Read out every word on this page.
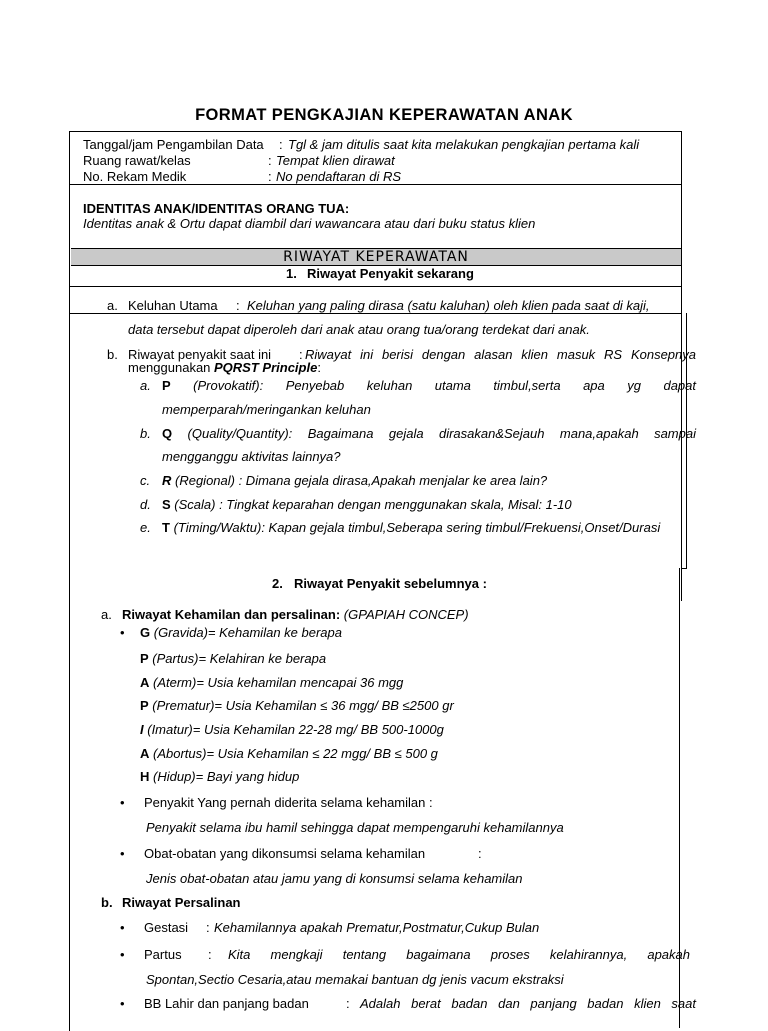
FORMAT PENGKAJIAN KEPERAWATAN ANAK
Tanggal/jam Pengambilan Data : Tgl & jam ditulis saat kita melakukan pengkajian pertama kali
Ruang rawat/kelas	: Tempat klien dirawat
No. Rekam Medik	: No pendaftaran di RS
IDENTITAS ANAK/IDENTITAS ORANG TUA:
Identitas anak & Ortu dapat diambil dari wawancara atau dari buku status klien
RIWAYAT KEPERAWATAN
1. Riwayat Penyakit sekarang
a. Keluhan Utama : Keluhan yang paling dirasa (satu kaluhan) oleh klien pada saat di kaji,
data tersebut dapat diperoleh dari anak atau orang tua/orang terdekat dari anak.
b. Riwayat penyakit saat ini : Riwayat ini berisi dengan alasan klien masuk RS Konsepnya
menggunakan PQRST Principle:
a. P (Provokatif): Penyebab keluhan utama timbul,serta apa yg dapat
memperparah/meringankan keluhan
b. Q (Quality/Quantity): Bagaimana gejala dirasakan&Sejauh mana,apakah sampai
mengganggu aktivitas lainnya?
c. R (Regional) : Dimana gejala dirasa,Apakah menjalar ke area lain?
d. S (Scala) : Tingkat keparahan dengan menggunakan skala, Misal: 1-10
e. T (Timing/Waktu): Kapan gejala timbul,Seberapa sering timbul/Frekuensi,Onset/Durasi
2. Riwayat Penyakit sebelumnya :
a. Riwayat Kehamilan dan persalinan: (GPAPIAH CONCEP)
• G (Gravida)= Kehamilan ke berapa
P (Partus)= Kelahiran ke berapa
A (Aterm)= Usia kehamilan mencapai 36 mgg
P (Prematur)= Usia Kehamilan ≤ 36 mgg/ BB ≤2500 gr
I (Imatur)= Usia Kehamilan 22-28 mg/ BB 500-1000g
A (Abortus)= Usia Kehamilan ≤ 22 mgg/ BB ≤ 500 g
H (Hidup)= Bayi yang hidup
• Penyakit Yang pernah diderita selama kehamilan :
Penyakit selama ibu hamil sehingga dapat mempengaruhi kehamilannya
• Obat-obatan yang dikonsumsi selama kehamilan	:
Jenis obat-obatan atau jamu yang di konsumsi selama kehamilan
b. Riwayat Persalinan
• Gestasi : Kehamilannya apakah Prematur,Postmatur,Cukup Bulan
• Partus : Kita mengkaji tentang bagaimana proses kelahirannya, apakah
Spontan,Sectio Cesaria,atau memakai bantuan dg jenis vacum ekstraksi
• BB Lahir dan panjang badan	: Adalah berat badan dan panjang badan klien saat
